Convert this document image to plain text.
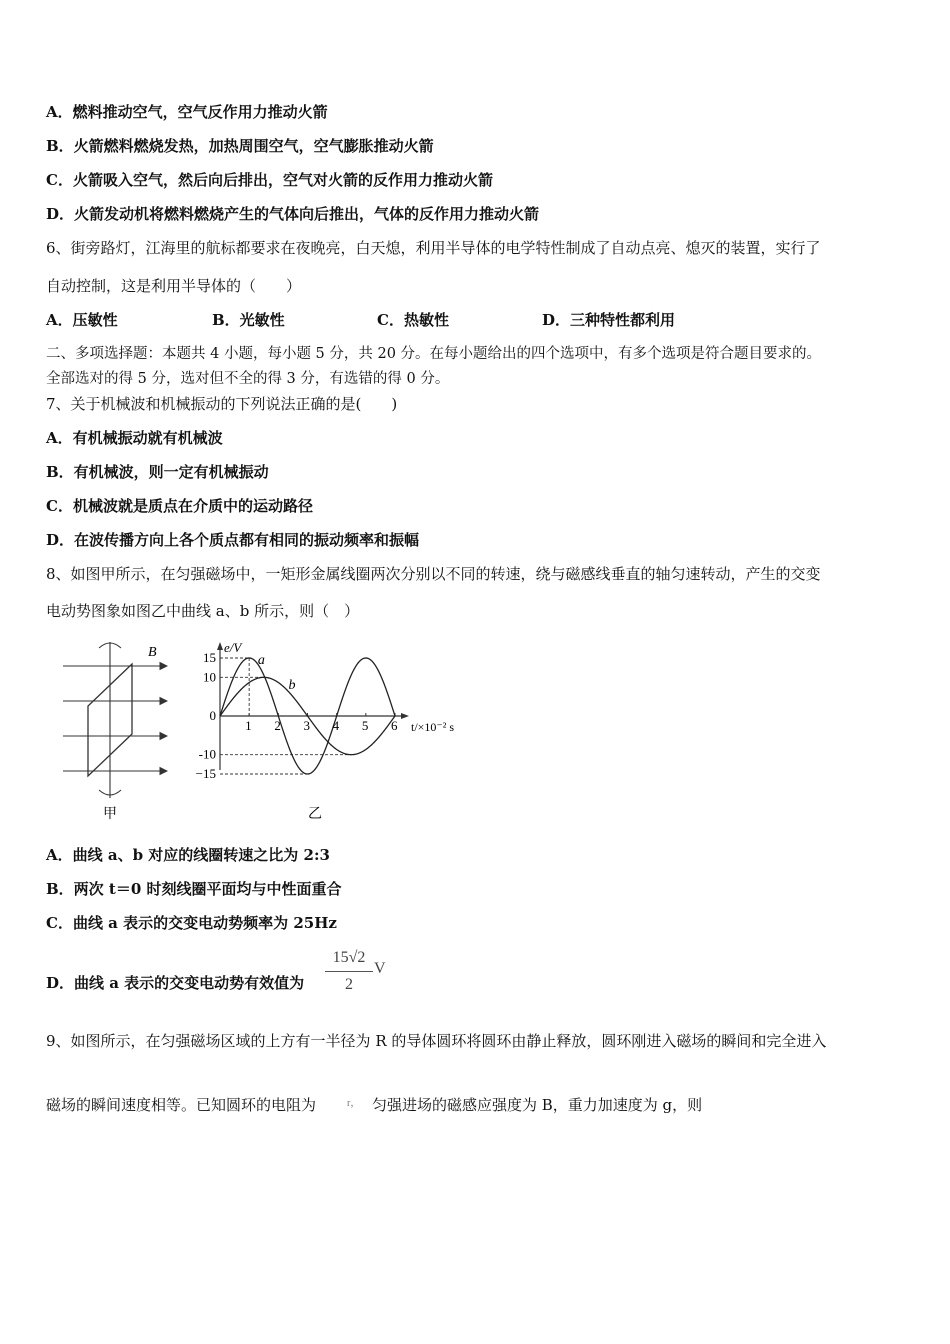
A．燃料推动空气，空气反作用力推动火箭
B．火箭燃料燃烧发热，加热周围空气，空气膨胀推动火箭
C．火箭吸入空气，然后向后排出，空气对火箭的反作用力推动火箭
D．火箭发动机将燃料燃烧产生的气体向后推出，气体的反作用力推动火箭
6、街旁路灯，江海里的航标都要求在夜晚亮，白天熄，利用半导体的电学特性制成了自动点亮、熄灭的装置，实行了
自动控制，这是利用半导体的（　　）
A．压敏性	B．光敏性	C．热敏性	D．三种特性都利用
二、多项选择题：本题共 4 小题，每小题 5 分，共 20 分。在每小题给出的四个选项中，有多个选项是符合题目要求的。
全部选对的得 5 分，选对但不全的得 3 分，有选错的得 0 分。
7、关于机械波和机械振动的下列说法正确的是(　　)
A．有机械振动就有机械波
B．有机械波，则一定有机械振动
C．机械波就是质点在介质中的运动路径
D．在波传播方向上各个质点都有相同的振动频率和振幅
8、如图甲所示，在匀强磁场中，一矩形金属线圈两次分别以不同的转速，绕与磁感线垂直的轴匀速转动，产生的交变
电动势图象如图乙中曲线 a、b 所示，则（　）
B
甲
e/V
t/×10⁻² s
1 2 3 4 5 6
15
10
0
-10
−15
a
b
乙
A．曲线 a、b 对应的线圈转速之比为 2:3
B．两次 t＝0 时刻线圈平面均与中性面重合
C．曲线 a 表示的交变电动势频率为 25Hz
D．曲线 a 表示的交变电动势有效值为
15√2
2
V
9、如图所示，在匀强磁场区域的上方有一半径为 R 的导体圆环将圆环由静止释放，圆环刚进入磁场的瞬间和完全进入
磁场的瞬间速度相等。已知圆环的电阻为	r， 匀强进场的磁感应强度为 B，重力加速度为 g，则
